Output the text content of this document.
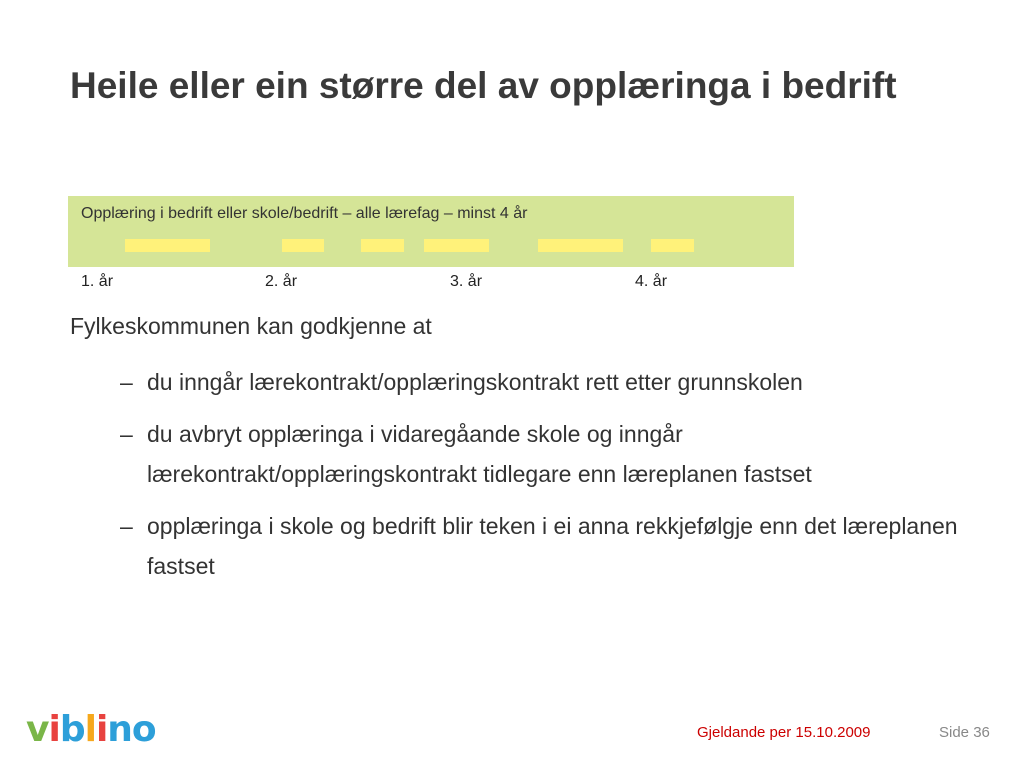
Heile eller ein større del av opplæringa i bedrift
Opplæring i bedrift eller skole/bedrift – alle lærefag – minst 4 år
1. år	2. år	3. år	4. år
Fylkeskommunen kan godkjenne at
– du inngår lærekontrakt/opplæringskontrakt rett etter grunnskolen
– du avbryt opplæringa i vidaregåande skole og inngår lærekontrakt/opplæringskontrakt tidlegare enn læreplanen fastset
– opplæringa i skole og bedrift blir teken i ei anna rekkjefølgje enn det læreplanen fastset
viblino	Gjeldande per 15.10.2009	Side 36
